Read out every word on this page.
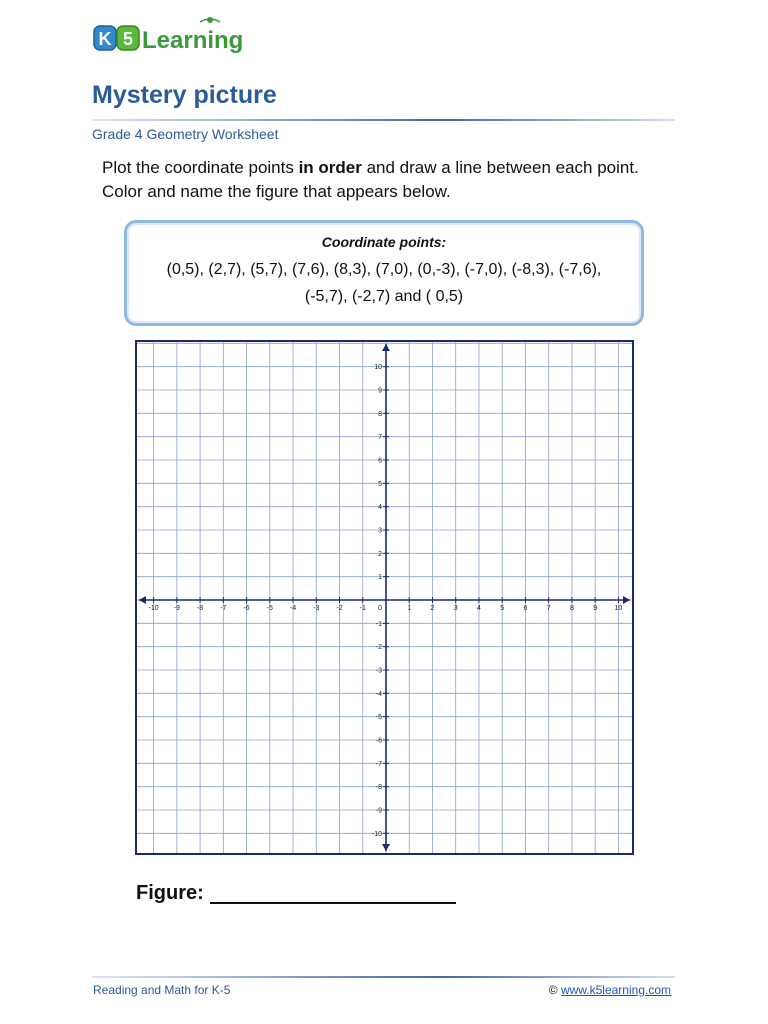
K 5 Learning
Mystery picture
Grade 4 Geometry Worksheet
Plot the coordinate points in order and draw a line between each point.
Color and name the figure that appears below.
Coordinate points:
(0,5), (2,7), (5,7), (7,6), (8,3), (7,0), (0,-3), (-7,0), (-8,3), (-7,6), (-5,7), (-2,7) and ( 0,5)
-10 -9 -8 -7 -6 -5 -4 -3 -2 -1 0	1	2	3	4	5	6	7	8	9 10
10
9
8
7
6
5
4
3
2
1
-1
-2
-3
-4
-5
-6
-7
-8
-9
-10
Figure:
Reading and Math for K-5	© www.k5learning.com
